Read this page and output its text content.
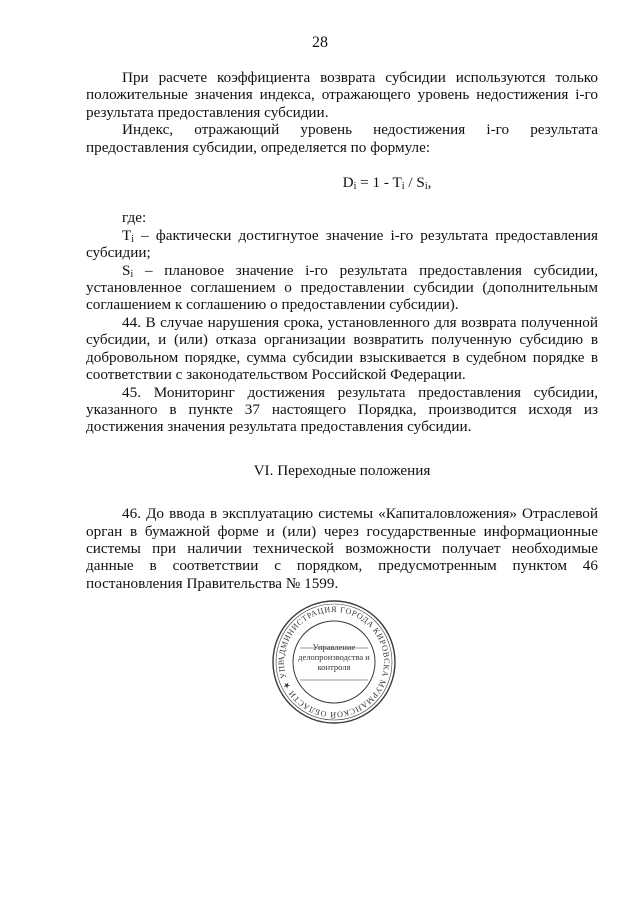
28

При расчете коэффициента возврата субсидии используются только положительные значения индекса, отражающего уровень недостижения i-го результата предоставления субсидии.

Индекс, отражающий уровень недостижения i-го результата предоставления субсидии, определяется по формуле:

$D_i = 1 - T_i / S_i$,

где:

$T_i$ – фактически достигнутое значение i-го результата предоставления субсидии;

$S_i$ – плановое значение i-го результата предоставления субсидии, установленное соглашением о предоставлении субсидии (дополнительным соглашением к соглашению о предоставлении субсидии).

44. В случае нарушения срока, установленного для возврата полученной субсидии, и (или) отказа организации возвратить полученную субсидию в добровольном порядке, сумма субсидии взыскивается в судебном порядке в соответствии с законодательством Российской Федерации.

45. Мониторинг достижения результата предоставления субсидии, указанного в пункте 37 настоящего Порядка, производится исходя из достижения значения результата предоставления субсидии.

VI. Переходные положения

46. До ввода в эксплуатацию системы «Капиталовложения» Отраслевой орган в бумажной форме и (или) через государственные информационные системы при наличии технической возможности получает необходимые данные в соответствии с порядком, предусмотренным пунктом 46 постановления Правительства № 1599.

АДМИНИСТРАЦИЯ ГОРОДА КИРОВСКА МУРМАНСКОЙ ОБЛАСТИ ★ УПР
Управление делопроизводства и контроля
